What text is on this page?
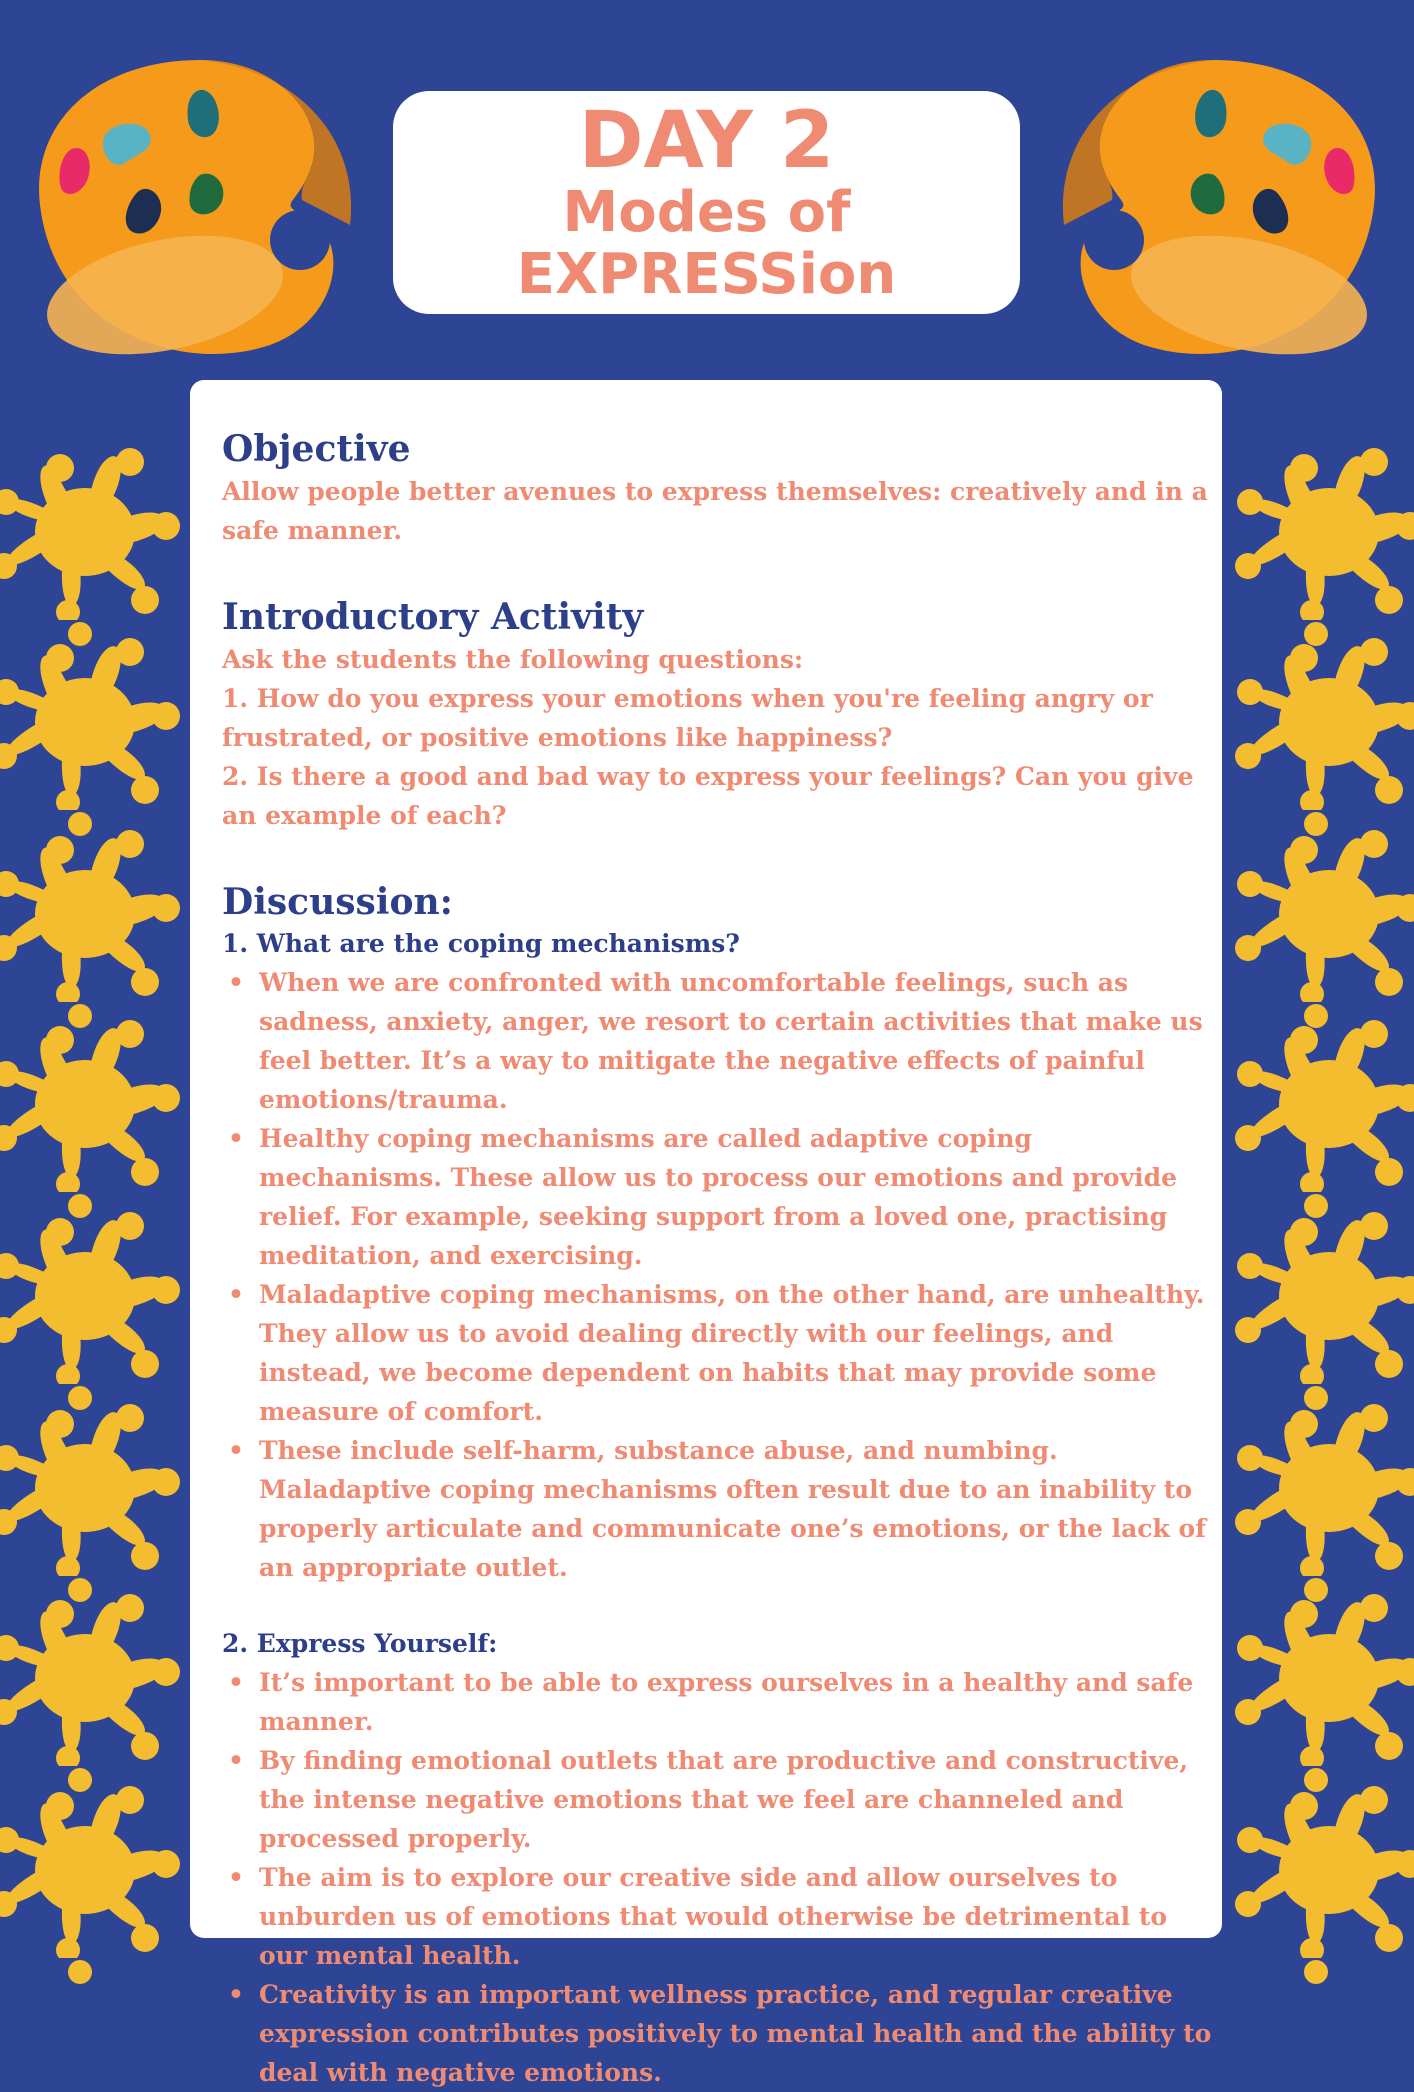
DAY 2
Modes of
EXPRESSion
Objective

Allow people better avenues to express themselves: creatively and in a safe manner.

Introductory Activity

Ask the students the following questions:

1. How do you express your emotions when you're feeling angry or frustrated, or positive emotions like happiness?

2. Is there a good and bad way to express your feelings? Can you give an example of each?

Discussion:

1. What are the coping mechanisms?

• When we are confronted with uncomfortable feelings, such as sadness, anxiety, anger, we resort to certain activities that make us feel better. It’s a way to mitigate the negative effects of painful emotions/trauma.
• Healthy coping mechanisms are called adaptive coping mechanisms. These allow us to process our emotions and provide relief. For example, seeking support from a loved one, practising meditation, and exercising.
• Maladaptive coping mechanisms, on the other hand, are unhealthy. They allow us to avoid dealing directly with our feelings, and instead, we become dependent on habits that may provide some measure of comfort.
• These include self-harm, substance abuse, and numbing. Maladaptive coping mechanisms often result due to an inability to properly articulate and communicate one’s emotions, or the lack of an appropriate outlet.

2. Express Yourself:

• It’s important to be able to express ourselves in a healthy and safe manner.
• By finding emotional outlets that are productive and constructive, the intense negative emotions that we feel are channeled and processed properly.
• The aim is to explore our creative side and allow ourselves to unburden us of emotions that would otherwise be detrimental to our mental health.
• Creativity is an important wellness practice, and regular creative expression contributes positively to mental health and the ability to deal with negative emotions.
